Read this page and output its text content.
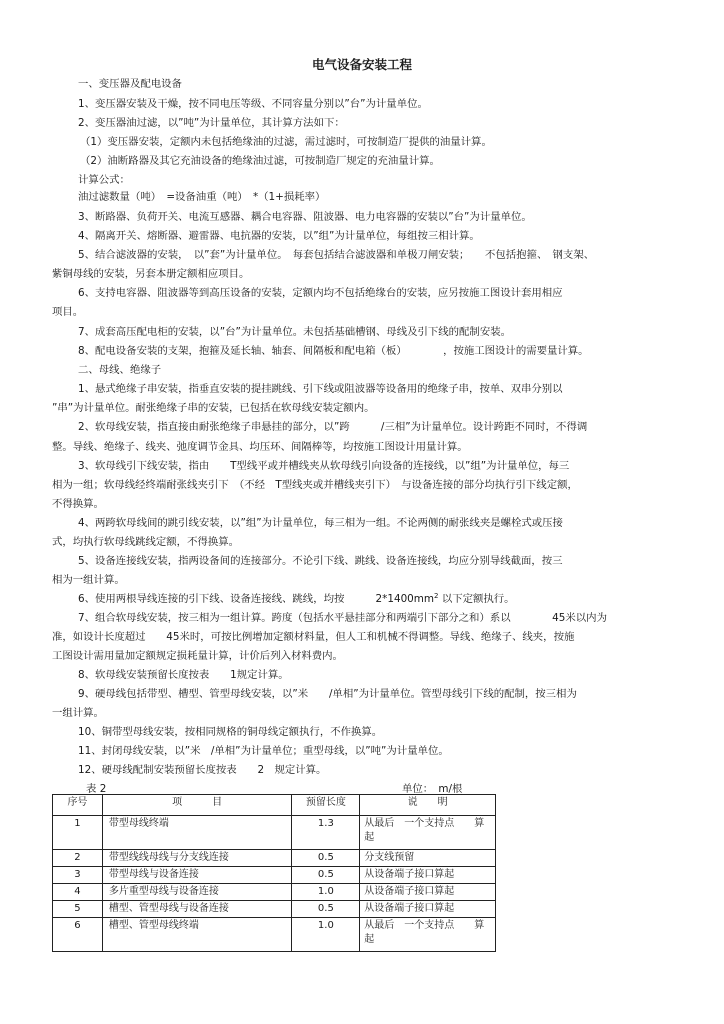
电气设备安装工程
一、变压器及配电设备
1、变压器安装及干燥，按不同电压等级、不同容量分别以”台”为计量单位。
2、变压器油过滤，以”吨”为计量单位，其计算方法如下：
（1）变压器安装，定额内未包括绝缘油的过滤，需过滤时，可按制造厂提供的油量计算。
（2）油断路器及其它充油设备的绝缘油过滤，可按制造厂规定的充油量计算。
计算公式：
油过滤数量（吨）　=设备油重（吨）　*（1+损耗率）
3、断路器、负荷开关、电流互感器、耦合电容器、阻波器、电力电容器的安装以”台”为计量单位。
4、隔离开关、熔断器、避雷器、电抗器的安装，以”组”为计量单位，每组按三相计算。
5、结合滤波器的安装，　以”套”为计量单位。　每套包括结合滤波器和单极刀闸安装；　　不包括抱箍、　钢支架、
紫铜母线的安装，另套本册定额相应项目。
6、支持电容器、阻波器等到高压设备的安装，定额内均不包括绝缘台的安装，应另按施工图设计套用相应
项目。
7、成套高压配电柜的安装，以”台”为计量单位。未包括基础槽钢、母线及引下线的配制安装。
8、配电设备安装的支架，抱箍及延长轴、轴套、间隔板和配电箱（板）　　　　，按施工图设计的需要量计算。
二、母线、绝缘子
1、悬式绝缘子串安装，指垂直安装的提挂跳线、引下线或阻波器等设备用的绝缘子串，按单、双串分别以
”串”为计量单位。耐张绝缘子串的安装，已包括在软母线安装定额内。
2、软母线安装，指直接由耐张绝缘子串悬挂的部分，以”跨　　　/三相”为计量单位。设计跨距不同时，不得调
整。导线、绝缘子、线夹、弛度调节金具、均压环、间隔棒等，均按施工图设计用量计算。
3、软母线引下线安装，指由　　T型线平或并槽线夹从软母线引向设备的连接线，以”组”为计量单位，每三
相为一组；软母线经终端耐张线夹引下　（不经　T型线夹或并槽线夹引下）　与设备连接的部分均执行引下线定额，
不得换算。
4、两跨软母线间的跳引线安装，以”组”为计量单位，每三相为一组。不论两侧的耐张线夹是螺栓式或压接
式，均执行软母线跳线定额，不得换算。
5、设备连接线安装，指两设备间的连接部分。不论引下线、跳线、设备连接线，均应分别导线截面，按三
相为一组计算。
6、使用两根导线连接的引下线、设备连接线、跳线，均按　　　$2*1400mm^2$ 以下定额执行。
7、组合软母线安装，按三相为一组计算。跨度（包括水平悬挂部分和两端引下部分之和）系以　　　　45米以内为
准，如设计长度超过　　45米时，可按比例增加定额材料量，但人工和机械不得调整。导线、绝缘子、线夹，按施
工图设计需用量加定额规定损耗量计算，计价后列入材料费内。
8、软母线安装预留长度按表　　1规定计算。
9、硬母线包括带型、槽型、管型母线安装，以”米　　/单相”为计量单位。管型母线引下线的配制，按三相为
一组计算。
10、铜带型母线安装，按相同规格的铜母线定额执行，不作换算。
11、封闭母线安装，以”米　/单相”为计量单位；重型母线，以”吨”为计量单位。
12、硬母线配制安装预留长度按表　　2　规定计算。
表 2	单位：　m/根
序号	项　　　目	预留长度	说　　明
1	带型母线终端	1.3	从最后　一个支持点　　算起
2	带型线线母线与分支线连接	0.5	分支线预留
3	带型母线与设备连接	0.5	从设备端子接口算起
4	多片重型母线与设备连接	1.0	从设备端子接口算起
5	槽型、管型母线与设备连接	0.5	从设备端子接口算起
6	槽型、管型母线终端	1.0	从最后　一个支持点　　算起
